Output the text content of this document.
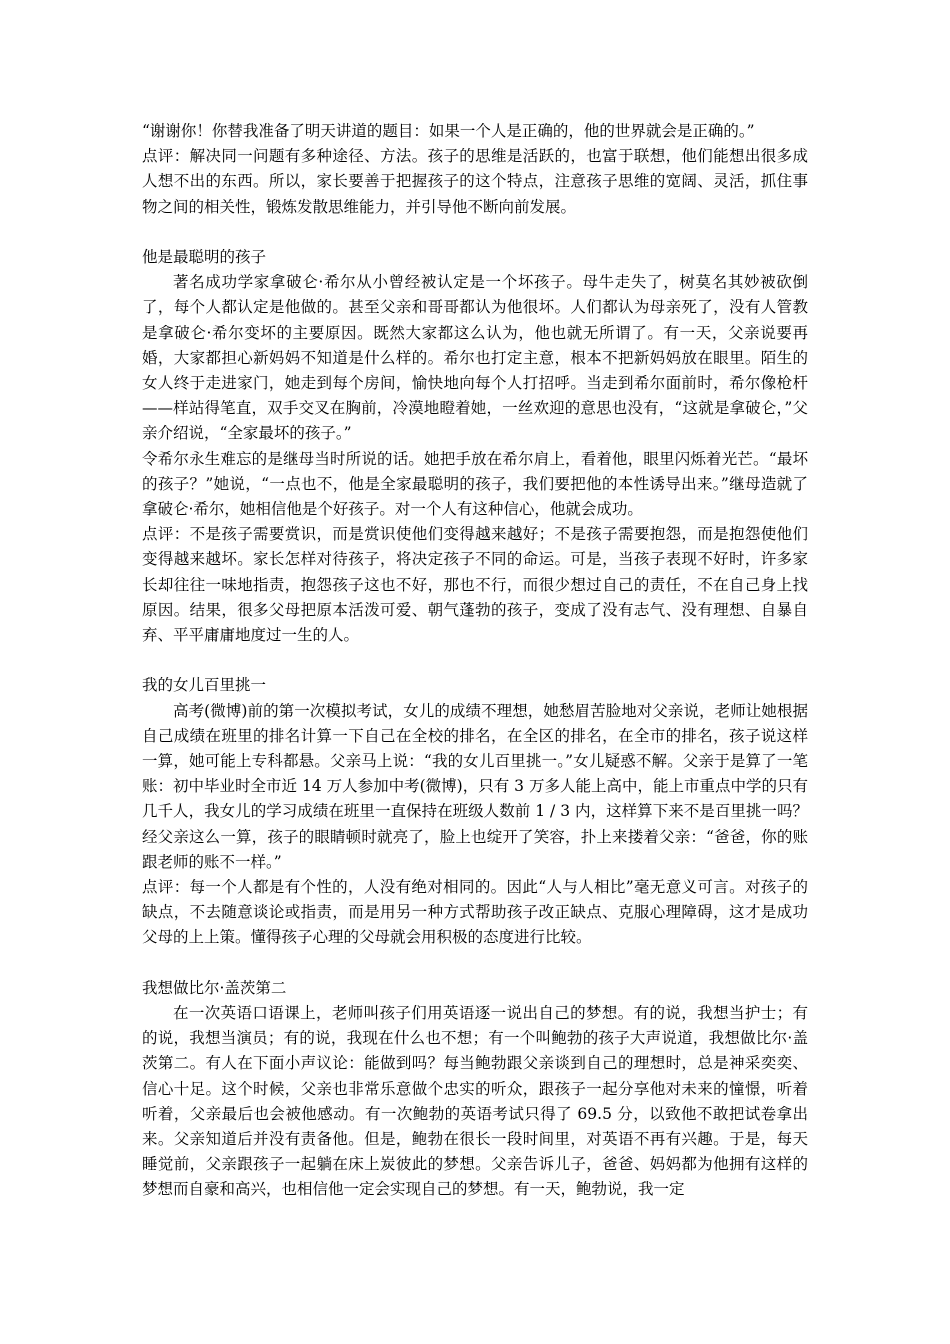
“谢谢你！你替我准备了明天讲道的题目：如果一个人是正确的，他的世界就会是正确的。”

点评：解决同一问题有多种途径、方法。孩子的思维是活跃的，也富于联想，他们能想出很多成人想不出的东西。所以，家长要善于把握孩子的这个特点，注意孩子思维的宽阔、灵活，抓住事物之间的相关性，锻炼发散思维能力，并引导他不断向前发展。

他是最聪明的孩子

著名成功学家拿破仑·希尔从小曾经被认定是一个坏孩子。母牛走失了，树莫名其妙被砍倒了，每个人都认定是他做的。甚至父亲和哥哥都认为他很坏。人们都认为母亲死了，没有人管教是拿破仑·希尔变坏的主要原因。既然大家都这么认为，他也就无所谓了。有一天，父亲说要再婚，大家都担心新妈妈不知道是什么样的。希尔也打定主意，根本不把新妈妈放在眼里。陌生的女人终于走进家门，她走到每个房间，愉快地向每个人打招呼。当走到希尔面前时，希尔像枪杆——样站得笔直，双手交叉在胸前，冷漠地瞪着她，一丝欢迎的意思也没有，“这就是拿破仑，”父亲介绍说，“全家最坏的孩子。”

令希尔永生难忘的是继母当时所说的话。她把手放在希尔肩上，看着他，眼里闪烁着光芒。“最坏的孩子？”她说，“一点也不，他是全家最聪明的孩子，我们要把他的本性诱导出来。”继母造就了拿破仑·希尔，她相信他是个好孩子。对一个人有这种信心，他就会成功。

点评：不是孩子需要赏识，而是赏识使他们变得越来越好；不是孩子需要抱怨，而是抱怨使他们变得越来越坏。家长怎样对待孩子，将决定孩子不同的命运。可是，当孩子表现不好时，许多家长却往往一味地指责，抱怨孩子这也不好，那也不行，而很少想过自己的责任，不在自己身上找原因。结果，很多父母把原本活泼可爱、朝气蓬勃的孩子，变成了没有志气、没有理想、自暴自弃、平平庸庸地度过一生的人。

我的女儿百里挑一

高考(微博)前的第一次模拟考试，女儿的成绩不理想，她愁眉苦脸地对父亲说，老师让她根据自己成绩在班里的排名计算一下自己在全校的排名，在全区的排名，在全市的排名，孩子说这样一算，她可能上专科都悬。父亲马上说：“我的女儿百里挑一。”女儿疑惑不解。父亲于是算了一笔账：初中毕业时全市近 14 万人参加中考(微博)，只有 3 万多人能上高中，能上市重点中学的只有几千人，我女儿的学习成绩在班里一直保持在班级人数前 1 / 3 内，这样算下来不是百里挑一吗？经父亲这么一算，孩子的眼睛顿时就亮了，脸上也绽开了笑容，扑上来搂着父亲：“爸爸，你的账跟老师的账不一样。”

点评：每一个人都是有个性的，人没有绝对相同的。因此“人与人相比”毫无意义可言。对孩子的缺点，不去随意谈论或指责，而是用另一种方式帮助孩子改正缺点、克服心理障碍，这才是成功父母的上上策。懂得孩子心理的父母就会用积极的态度进行比较。

我想做比尔·盖茨第二

在一次英语口语课上，老师叫孩子们用英语逐一说出自己的梦想。有的说，我想当护士；有的说，我想当演员；有的说，我现在什么也不想；有一个叫鲍勃的孩子大声说道，我想做比尔·盖茨第二。有人在下面小声议论：能做到吗？每当鲍勃跟父亲谈到自己的理想时，总是神采奕奕、信心十足。这个时候，父亲也非常乐意做个忠实的听众，跟孩子一起分享他对未来的憧憬，听着听着，父亲最后也会被他感动。有一次鲍勃的英语考试只得了 69.5 分，以致他不敢把试卷拿出来。父亲知道后并没有责备他。但是，鲍勃在很长一段时间里，对英语不再有兴趣。于是，每天睡觉前，父亲跟孩子一起躺在床上炭彼此的梦想。父亲告诉儿子，爸爸、妈妈都为他拥有这样的梦想而自豪和高兴，也相信他一定会实现自己的梦想。有一天，鲍勃说，我一定
